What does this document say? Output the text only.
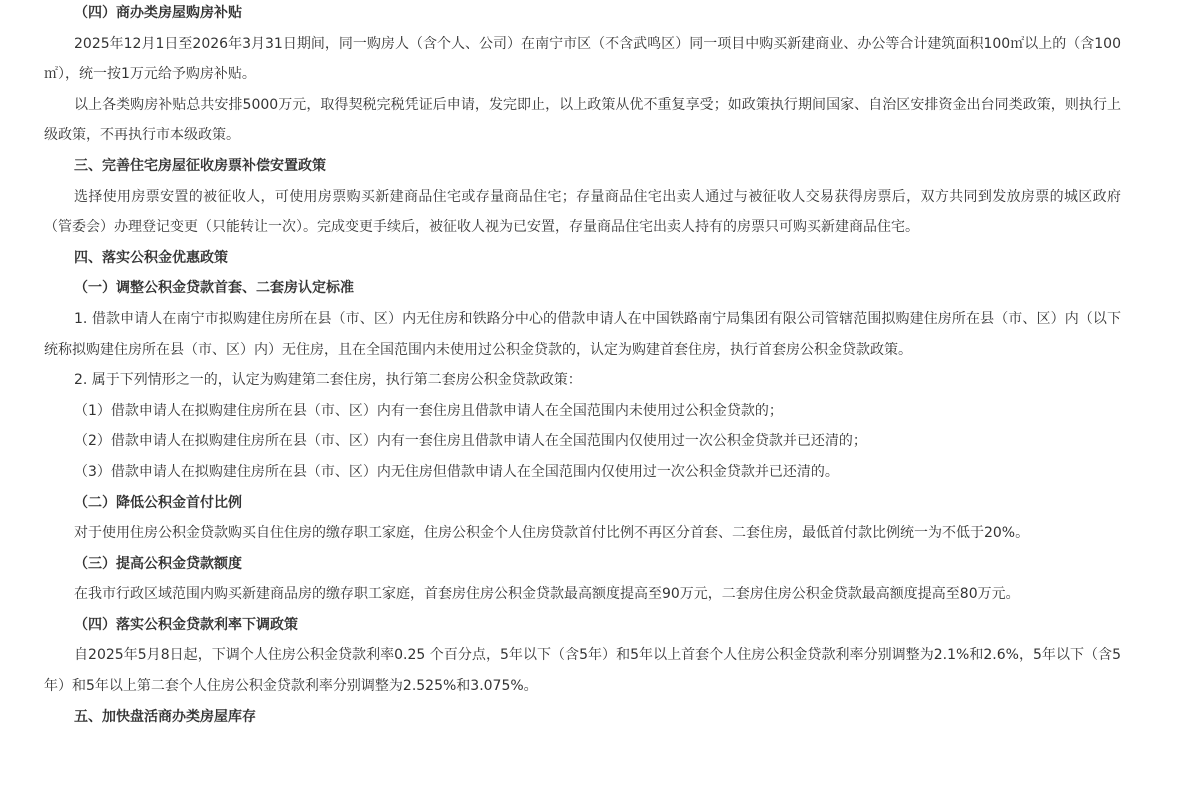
（四）商办类房屋购房补贴

2025年12月1日至2026年3月31日期间，同一购房人（含个人、公司）在南宁市区（不含武鸣区）同一项目中购买新建商业、办公等合计建筑面积100㎡以上的（含100㎡），统一按1万元给予购房补贴。

以上各类购房补贴总共安排5000万元，取得契税完税凭证后申请，发完即止，以上政策从优不重复享受；如政策执行期间国家、自治区安排资金出台同类政策，则执行上级政策，不再执行市本级政策。

三、完善住宅房屋征收房票补偿安置政策

选择使用房票安置的被征收人，可使用房票购买新建商品住宅或存量商品住宅；存量商品住宅出卖人通过与被征收人交易获得房票后，双方共同到发放房票的城区政府（管委会）办理登记变更（只能转让一次）。完成变更手续后，被征收人视为已安置，存量商品住宅出卖人持有的房票只可购买新建商品住宅。

四、落实公积金优惠政策

（一）调整公积金贷款首套、二套房认定标准

1. 借款申请人在南宁市拟购建住房所在县（市、区）内无住房和铁路分中心的借款申请人在中国铁路南宁局集团有限公司管辖范围拟购建住房所在县（市、区）内（以下统称拟购建住房所在县（市、区）内）无住房，且在全国范围内未使用过公积金贷款的，认定为购建首套住房，执行首套房公积金贷款政策。

2. 属于下列情形之一的，认定为购建第二套住房，执行第二套房公积金贷款政策：

（1）借款申请人在拟购建住房所在县（市、区）内有一套住房且借款申请人在全国范围内未使用过公积金贷款的；

（2）借款申请人在拟购建住房所在县（市、区）内有一套住房且借款申请人在全国范围内仅使用过一次公积金贷款并已还清的；

（3）借款申请人在拟购建住房所在县（市、区）内无住房但借款申请人在全国范围内仅使用过一次公积金贷款并已还清的。

（二）降低公积金首付比例

对于使用住房公积金贷款购买自住住房的缴存职工家庭，住房公积金个人住房贷款首付比例不再区分首套、二套住房，最低首付款比例统一为不低于20%。

（三）提高公积金贷款额度

在我市行政区域范围内购买新建商品房的缴存职工家庭，首套房住房公积金贷款最高额度提高至90万元，二套房住房公积金贷款最高额度提高至80万元。

（四）落实公积金贷款利率下调政策

自2025年5月8日起，下调个人住房公积金贷款利率0.25 个百分点，5年以下（含5年）和5年以上首套个人住房公积金贷款利率分别调整为2.1%和2.6%，5年以下（含5年）和5年以上第二套个人住房公积金贷款利率分别调整为2.525%和3.075%。

五、加快盘活商办类房屋库存
